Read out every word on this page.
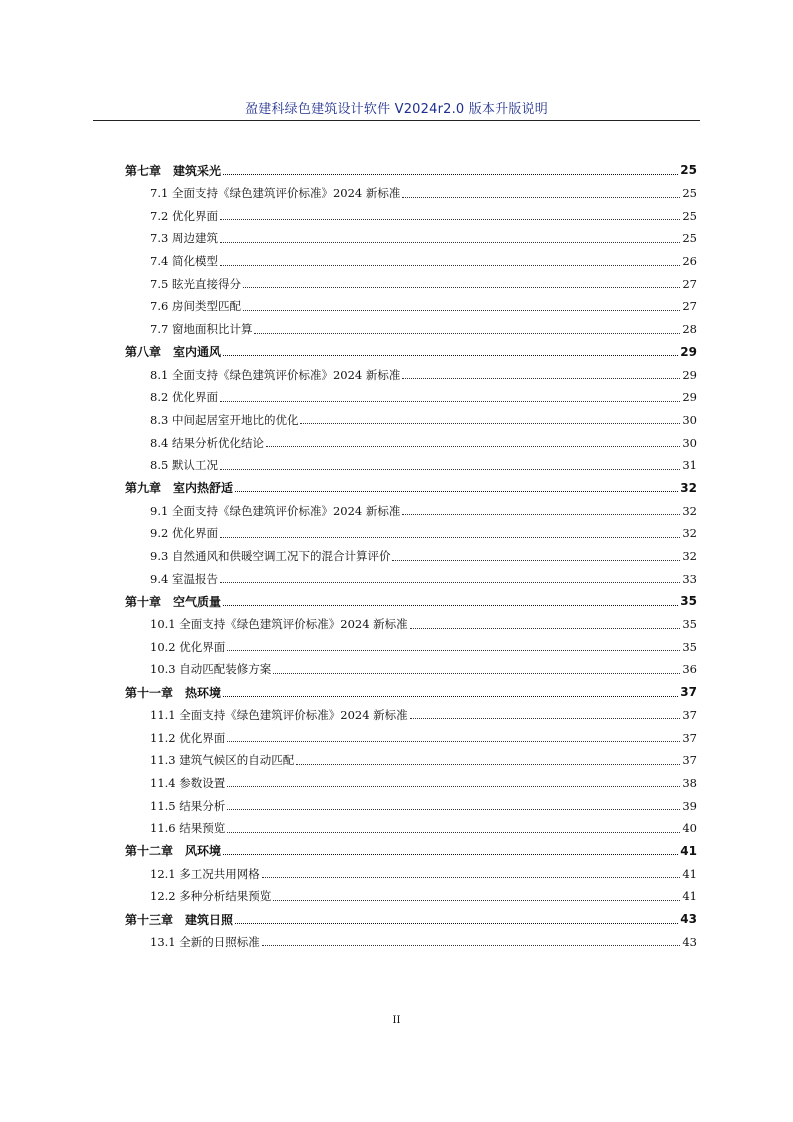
盈建科绿色建筑设计软件 V2024r2.0 版本升版说明
第七章　建筑采光	25
7.1 全面支持《绿色建筑评价标准》2024 新标准	25
7.2 优化界面	25
7.3 周边建筑	25
7.4 简化模型	26
7.5 眩光直接得分	27
7.6 房间类型匹配	27
7.7 窗地面积比计算	28
第八章　室内通风	29
8.1 全面支持《绿色建筑评价标准》2024 新标准	29
8.2 优化界面	29
8.3 中间起居室开地比的优化	30
8.4 结果分析优化结论	30
8.5 默认工况	31
第九章　室内热舒适	32
9.1 全面支持《绿色建筑评价标准》2024 新标准	32
9.2 优化界面	32
9.3 自然通风和供暖空调工况下的混合计算评价	32
9.4 室温报告	33
第十章　空气质量	35
10.1 全面支持《绿色建筑评价标准》2024 新标准	35
10.2 优化界面	35
10.3 自动匹配装修方案	36
第十一章　热环境	37
11.1 全面支持《绿色建筑评价标准》2024 新标准	37
11.2 优化界面	37
11.3 建筑气候区的自动匹配	37
11.4 参数设置	38
11.5 结果分析	39
11.6 结果预览	40
第十二章　风环境	41
12.1 多工况共用网格	41
12.2 多种分析结果预览	41
第十三章　建筑日照	43
13.1 全新的日照标准	43
II
